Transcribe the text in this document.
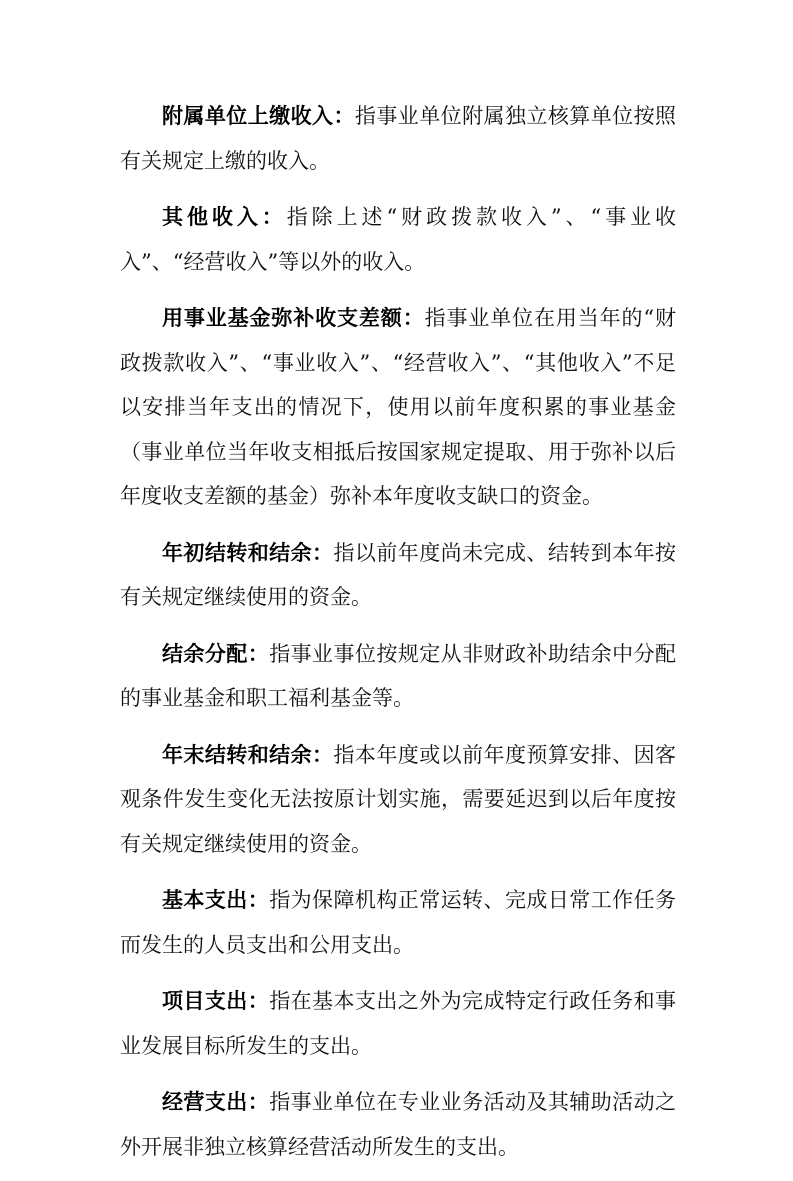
附属单位上缴收入：指事业单位附属独立核算单位按照有关规定上缴的收入。

其他收入：指除上述“财政拨款收入”、“事业收入”、“经营收入”等以外的收入。

用事业基金弥补收支差额：指事业单位在用当年的“财政拨款收入”、“事业收入”、“经营收入”、“其他收入”不足以安排当年支出的情况下，使用以前年度积累的事业基金（事业单位当年收支相抵后按国家规定提取、用于弥补以后年度收支差额的基金）弥补本年度收支缺口的资金。

年初结转和结余：指以前年度尚未完成、结转到本年按有关规定继续使用的资金。

结余分配：指事业事位按规定从非财政补助结余中分配的事业基金和职工福利基金等。

年末结转和结余：指本年度或以前年度预算安排、因客观条件发生变化无法按原计划实施，需要延迟到以后年度按有关规定继续使用的资金。

基本支出：指为保障机构正常运转、完成日常工作任务而发生的人员支出和公用支出。

项目支出：指在基本支出之外为完成特定行政任务和事业发展目标所发生的支出。

经营支出：指事业单位在专业业务活动及其辅助活动之外开展非独立核算经营活动所发生的支出。
